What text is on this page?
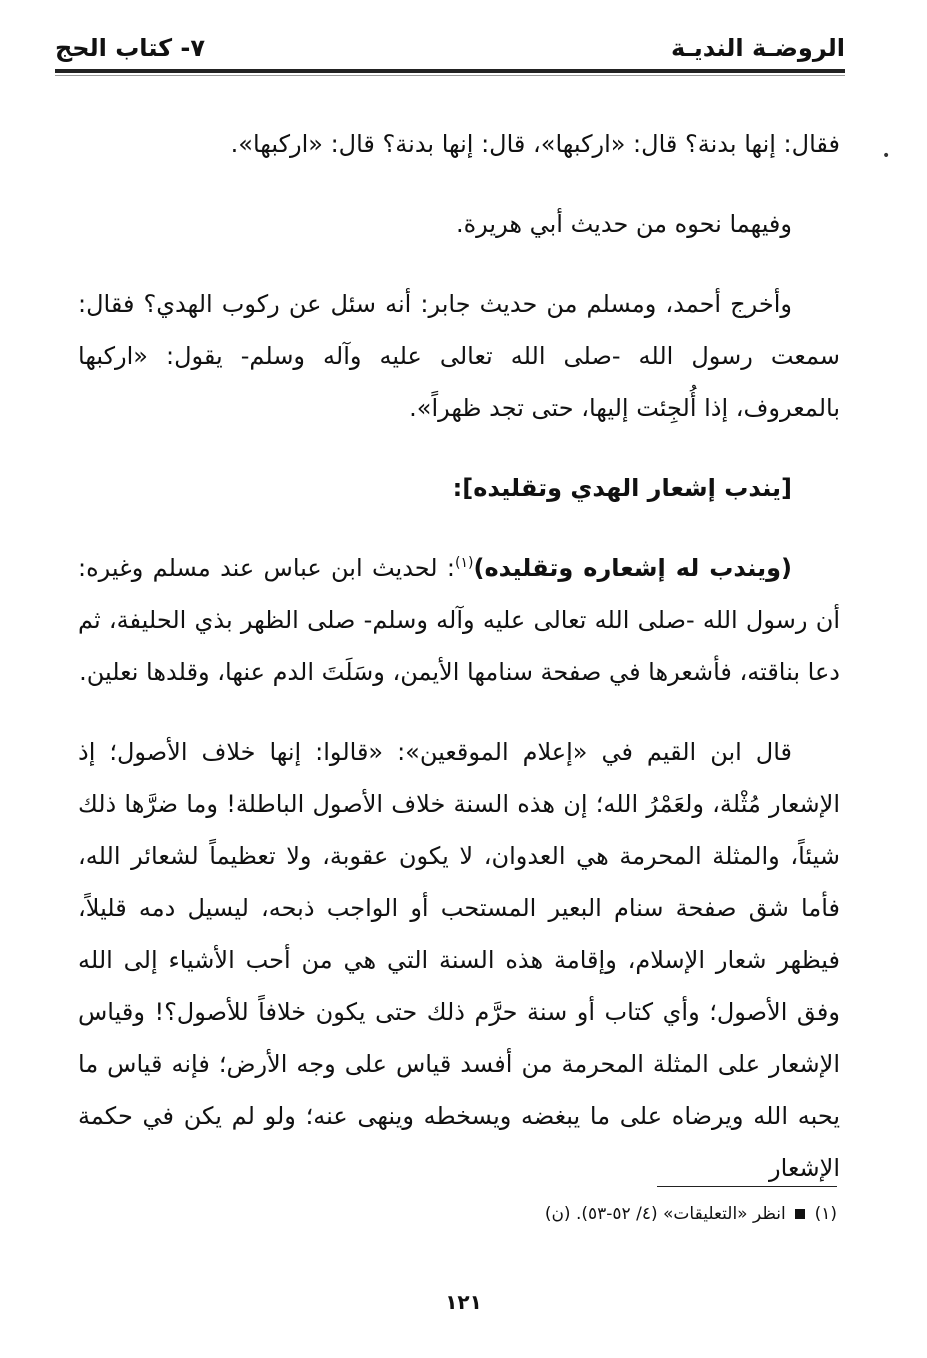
الروضـة النديـة
٧- كتاب الحج
•

فقال: إنها بدنة؟ قال: «اركبها»، قال: إنها بدنة؟ قال: «اركبها».

وفيهما نحوه من حديث أبي هريرة.

وأخرج أحمد، ومسلم من حديث جابر: أنه سئل عن ركوب الهدي؟ فقال: سمعت رسول الله -صلى الله تعالى عليه وآله وسلم- يقول: «اركبها بالمعروف، إذا أُلجِئت إليها، حتى تجد ظهراً».

[يندب إشعار الهدي وتقليده]:

(ويندب له إشعاره وتقليده)$^{(١)}$: لحديث ابن عباس عند مسلم وغيره: أن رسول الله -صلى الله تعالى عليه وآله وسلم- صلى الظهر بذي الحليفة، ثم دعا بناقته، فأشعرها في صفحة سنامها الأيمن، وسَلَتَ الدم عنها، وقلدها نعلين.

قال ابن القيم في «إعلام الموقعين»: «قالوا: إنها خلاف الأصول؛ إذ الإشعار مُثْلة، ولعَمْرُ الله؛ إن هذه السنة خلاف الأصول الباطلة! وما ضرَّها ذلك شيئاً، والمثلة المحرمة هي العدوان، لا يكون عقوبة، ولا تعظيماً لشعائر الله، فأما شق صفحة سنام البعير المستحب أو الواجب ذبحه، ليسيل دمه قليلاً، فيظهر شعار الإسلام، وإقامة هذه السنة التي هي من أحب الأشياء إلى الله وفق الأصول؛ وأي كتاب أو سنة حرَّم ذلك حتى يكون خلافاً للأصول؟! وقياس الإشعار على المثلة المحرمة من أفسد قياس على وجه الأرض؛ فإنه قياس ما يحبه الله ويرضاه على ما يبغضه ويسخطه وينهى عنه؛ ولو لم يكن في حكمة الإشعار

(١)  انظر «التعليقات» (٤/ ٥٢-٥٣). (ن)
١٢١
